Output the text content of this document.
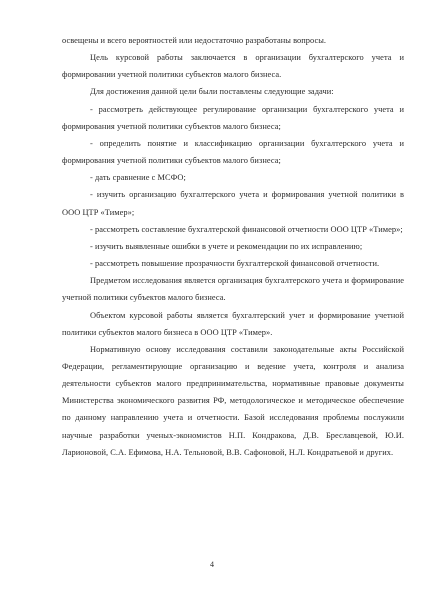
освещены и всего вероятностей или недостаточно разработаны вопросы.

Цель курсовой работы заключается в организации бухгалтерского учета и формировании учетной политики субъектов малого бизнеса.

Для достижения данной цели были поставлены следующие задачи:

- рассмотреть действующее регулирование организации бухгалтерского учета и формирования учетной политики субъектов малого бизнеса;

- определить понятие и классификацию организации бухгалтерского учета и формирования учетной политики субъектов малого бизнеса;

- дать сравнение с МСФО;

- изучить организацию бухгалтерского учета и формирования учетной политики в ООО ЦТР «Тимер»;

- рассмотреть составление бухгалтерской финансовой отчетности ООО ЦТР «Тимер»;

- изучить выявленные ошибки в учете и рекомендации по их исправлению;

- рассмотреть повышение прозрачности бухгалтерской финансовой отчетности.

Предметом исследования является организация бухгалтерского учета и формирование учетной политики субъектов малого бизнеса.

Объектом курсовой работы является бухгалтерский учет и формирование учетной политики субъектов малого бизнеса в ООО ЦТР «Тимер».

Нормативную основу исследования составили законодательные акты Российской Федерации, регламентирующие организацию и ведение учета, контроля и анализа деятельности субъектов малого предпринимательства, нормативные правовые документы Министерства экономического развития РФ, методологическое и методическое обеспечение по данному направлению учета и отчетности. Базой исследования проблемы послужили научные разработки ученых-экономистов Н.П. Кондракова, Д.В. Бреславцевой, Ю.И. Ларионовой, С.А. Ефимова, Н.А. Тельновой, В.В. Сафоновой, Н.Л. Кондратьевой и других.

4
